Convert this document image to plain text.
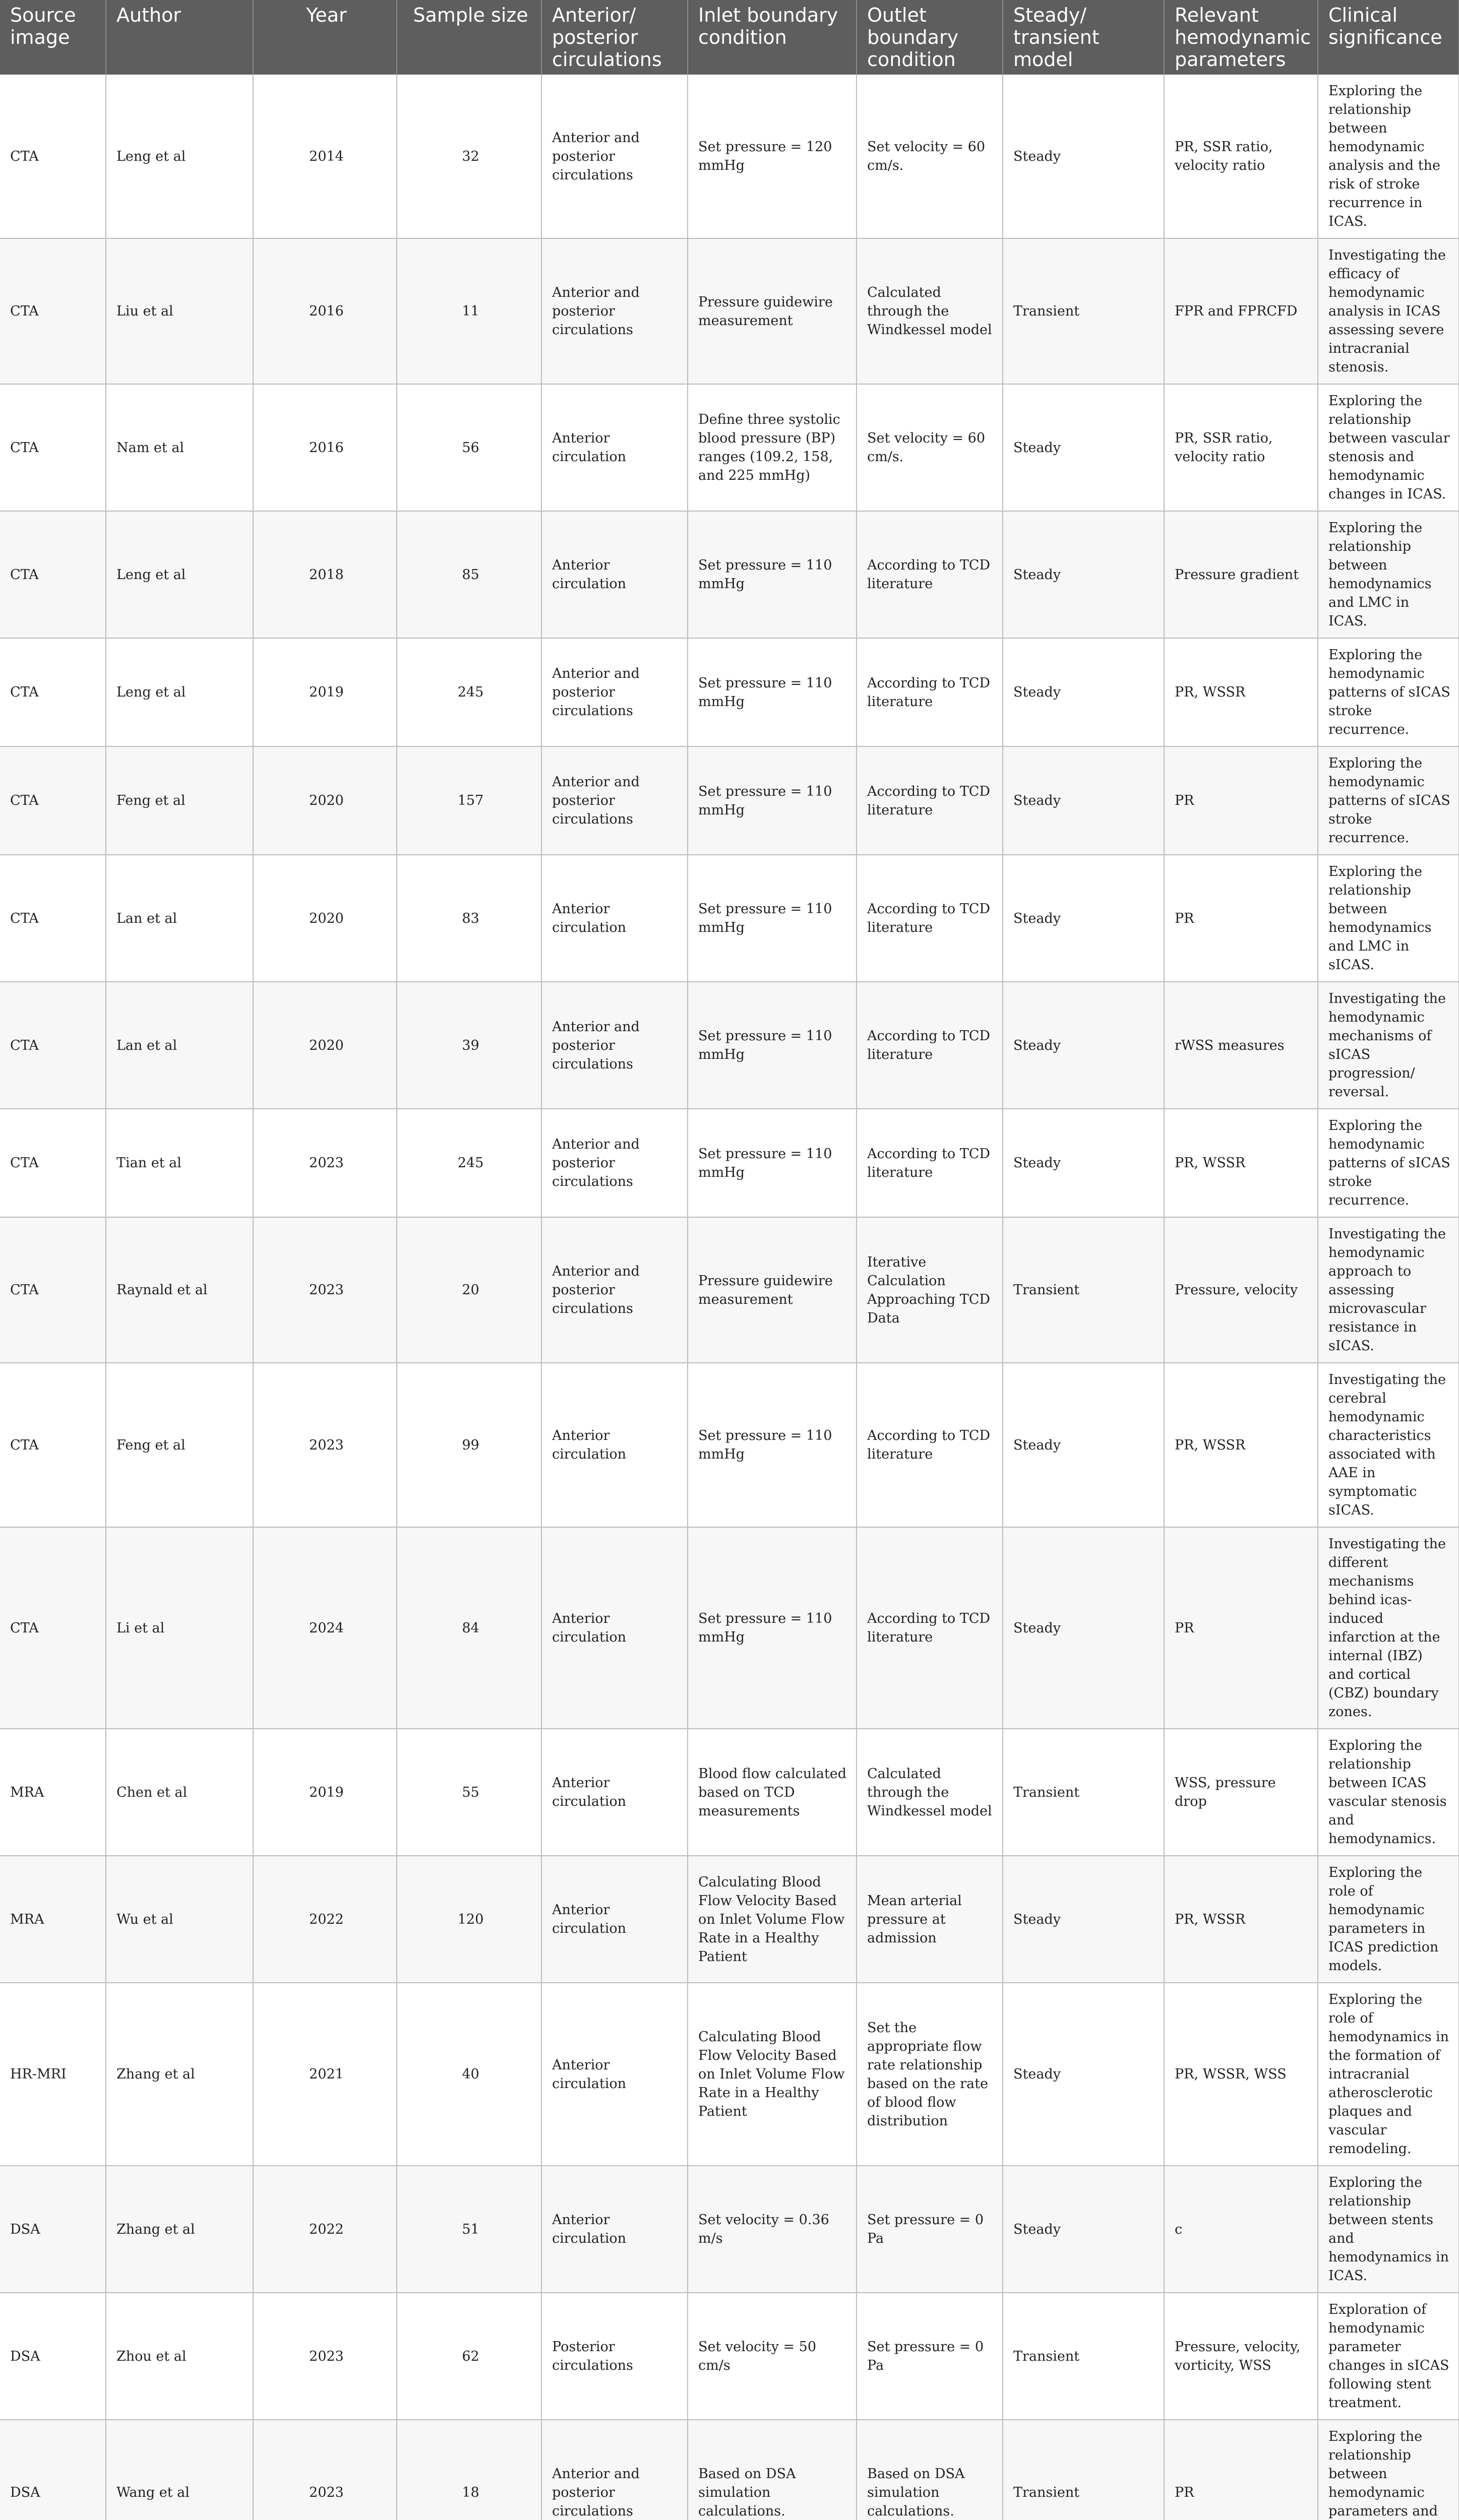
Source image	Author	Year	Sample size	Anterior/ posterior circulations	Inlet boundary condition	Outlet boundary condition	Steady/ transient model	Relevant hemodynamic parameters	Clinical significance
CTA	Leng et al	2014	32	Anterior and posterior circulations	Set pressure = 120 mmHg	Set velocity = 60 cm/s.	Steady	PR, SSR ratio, velocity ratio	Exploring the relationship between hemodynamic analysis and the risk of stroke recurrence in ICAS.
CTA	Liu et al	2016	11	Anterior and posterior circulations	Pressure guidewire measurement	Calculated through the Windkessel model	Transient	FPR and FPRCFD	Investigating the efficacy of hemodynamic analysis in ICAS assessing severe intracranial stenosis.
CTA	Nam et al	2016	56	Anterior circulation	Define three systolic blood pressure (BP) ranges (109.2, 158, and 225 mmHg)	Set velocity = 60 cm/s.	Steady	PR, SSR ratio, velocity ratio	Exploring the relationship between vascular stenosis and hemodynamic changes in ICAS.
CTA	Leng et al	2018	85	Anterior circulation	Set pressure = 110 mmHg	According to TCD literature	Steady	Pressure gradient	Exploring the relationship between hemodynamics and LMC in ICAS.
CTA	Leng et al	2019	245	Anterior and posterior circulations	Set pressure = 110 mmHg	According to TCD literature	Steady	PR, WSSR	Exploring the hemodynamic patterns of sICAS stroke recurrence.
CTA	Feng et al	2020	157	Anterior and posterior circulations	Set pressure = 110 mmHg	According to TCD literature	Steady	PR	Exploring the hemodynamic patterns of sICAS stroke recurrence.
CTA	Lan et al	2020	83	Anterior circulation	Set pressure = 110 mmHg	According to TCD literature	Steady	PR	Exploring the relationship between hemodynamics and LMC in sICAS.
CTA	Lan et al	2020	39	Anterior and posterior circulations	Set pressure = 110 mmHg	According to TCD literature	Steady	rWSS measures	Investigating the hemodynamic mechanisms of sICAS progression/ reversal.
CTA	Tian et al	2023	245	Anterior and posterior circulations	Set pressure = 110 mmHg	According to TCD literature	Steady	PR, WSSR	Exploring the hemodynamic patterns of sICAS stroke recurrence.
CTA	Raynald et al	2023	20	Anterior and posterior circulations	Pressure guidewire measurement	Iterative Calculation Approaching TCD Data	Transient	Pressure, velocity	Investigating the hemodynamic approach to assessing microvascular resistance in sICAS.
CTA	Feng et al	2023	99	Anterior circulation	Set pressure = 110 mmHg	According to TCD literature	Steady	PR, WSSR	Investigating the cerebral hemodynamic characteristics associated with AAE in symptomatic sICAS.
CTA	Li et al	2024	84	Anterior circulation	Set pressure = 110 mmHg	According to TCD literature	Steady	PR	Investigating the different mechanisms behind icas-induced infarction at the internal (IBZ) and cortical (CBZ) boundary zones.
MRA	Chen et al	2019	55	Anterior circulation	Blood flow calculated based on TCD measurements	Calculated through the Windkessel model	Transient	WSS, pressure drop	Exploring the relationship between ICAS vascular stenosis and hemodynamics.
MRA	Wu et al	2022	120	Anterior circulation	Calculating Blood Flow Velocity Based on Inlet Volume Flow Rate in a Healthy Patient	Mean arterial pressure at admission	Steady	PR, WSSR	Exploring the role of hemodynamic parameters in ICAS prediction models.
HR-MRI	Zhang et al	2021	40	Anterior circulation	Calculating Blood Flow Velocity Based on Inlet Volume Flow Rate in a Healthy Patient	Set the appropriate flow rate relationship based on the rate of blood flow distribution	Steady	PR, WSSR, WSS	Exploring the role of hemodynamics in the formation of intracranial atherosclerotic plaques and vascular remodeling.
DSA	Zhang et al	2022	51	Anterior circulation	Set velocity = 0.36 m/s	Set pressure = 0 Pa	Steady	c	Exploring the relationship between stents and hemodynamics in ICAS.
DSA	Zhou et al	2023	62	Posterior circulations	Set velocity = 50 cm/s	Set pressure = 0 Pa	Transient	Pressure, velocity, vorticity, WSS	Exploration of hemodynamic parameter changes in sICAS following stent treatment.
DSA	Wang et al	2023	18	Anterior and posterior circulations	Based on DSA simulation calculations.	Based on DSA simulation calculations.	Transient	PR	Exploring the relationship between hemodynamic parameters and
